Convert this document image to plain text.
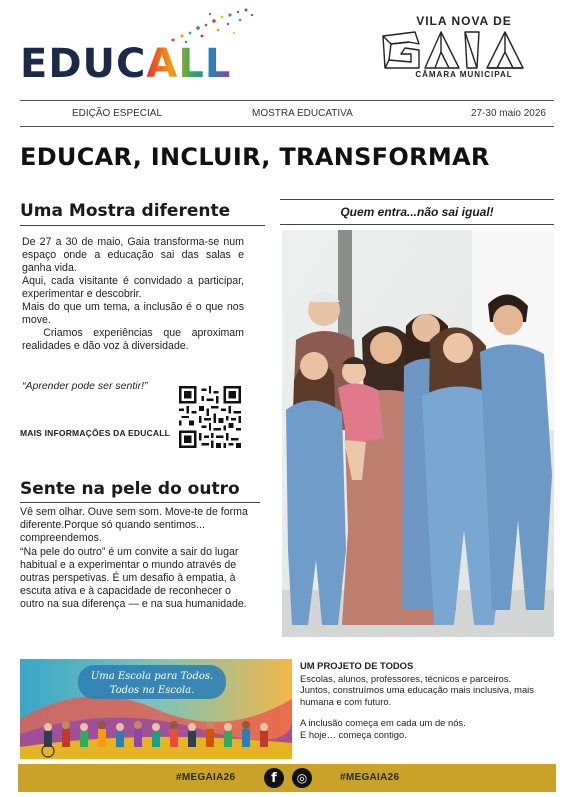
EDUC ALL
VILA NOVA DE
CÂMARA MUNICIPAL
EDIÇÃO ESPECIAL	MOSTRA EDUCATIVA	27-30 maio 2026
EDUCAR, INCLUIR, TRANSFORMAR
Uma Mostra diferente

De 27 a 30 de maio, Gaia transforma-se num espaço onde a educação sai das salas e ganha vida.

Aqui, cada visitante é convidado a participar, experimentar e descobrir.

Mais do que um tema, a inclusão é o que nos move.

Criamos experiências que aproximam realidades e dão voz à diversidade.

“Aprender pode ser sentir!”
MAIS INFORMAÇÕES DA EDUCALL
Sente na pele do outro

Vê sem olhar. Ouve sem som. Move-te de forma diferente.Porque só quando sentimos... compreendemos.

“Na pele do outro” é um convite a sair do lugar habitual e a experimentar o mundo através de outras perspetivas. É um desafio à empatia, à escuta ativa e à capacidade de reconhecer o outro na sua diferença — e na sua humanidade.

Quem entra...não sai igual!
Uma Escola para Todos.
Todos na Escola.
UM PROJETO DE TODOS

Escolas, alunos, professores, técnicos e parceiros.

Juntos, construímos uma educação mais inclusiva, mais humana e com futuro.

A inclusão começa em cada um de nós.

E hoje… começa contigo.

#MEGAIA26	f	◎	#MEGAIA26
